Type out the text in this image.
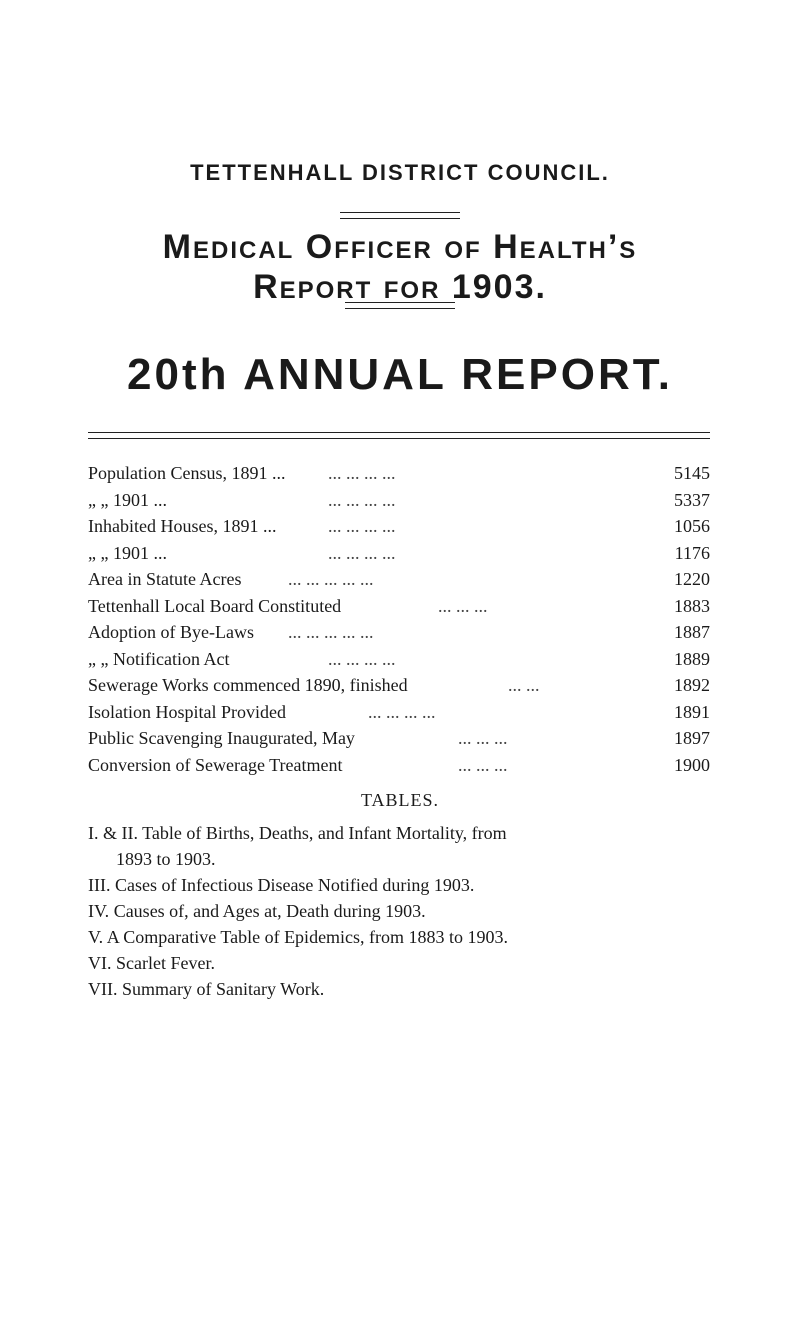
TETTENHALL DISTRICT COUNCIL.
Medical Officer of Health’s
Report for 1903.
20th ANNUAL REPORT.
Population Census, 1891 ... ... ... ... ...	5145
„ „ 1901 ...	... ... ... ...	5337
Inhabited Houses, 1891 ...	... ... ... ...	1056
„ „ 1901 ...	... ... ... ...	1176
Area in Statute Acres	... ... ... ... ...	1220
Tettenhall Local Board Constituted	... ... ...	1883
Adoption of Bye-Laws ... ... ... ... ...	1887
„ „ Notification Act	... ... ... ...	1889
Sewerage Works commenced 1890, finished	... ...	1892
Isolation Hospital Provided	... ... ... ...	1891
Public Scavenging Inaugurated, May	... ... ...	1897
Conversion of Sewerage Treatment	... ... ...	1900
TABLES.
I. & II. Table of Births, Deaths, and Infant Mortality, from
1893 to 1903.
III. Cases of Infectious Disease Notified during 1903.
IV. Causes of, and Ages at, Death during 1903.
V. A Comparative Table of Epidemics, from 1883 to 1903.
VI. Scarlet Fever.
VII. Summary of Sanitary Work.
